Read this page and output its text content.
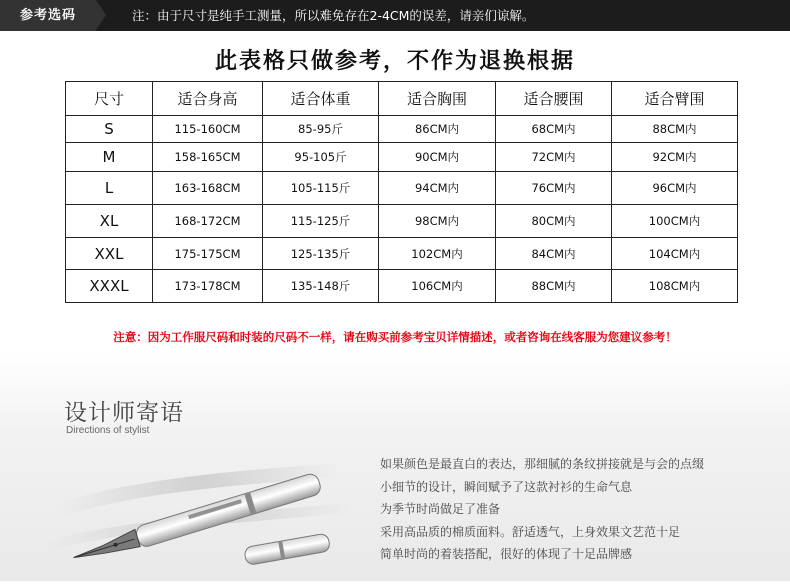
参考选码	注：由于尺寸是纯手工测量，所以难免存在2-4CM的误差，请亲们谅解。
此表格只做参考，不作为退换根据
尺寸	适合身高	适合体重	适合胸围	适合腰围	适合臂围
S	115-160CM	85-95斤	86CM内	68CM内	88CM内
M	158-165CM	95-105斤	90CM内	72CM内	92CM内
L	163-168CM	105-115斤	94CM内	76CM内	96CM内
XL	168-172CM	115-125斤	98CM内	80CM内	100CM内
XXL	175-175CM	125-135斤	102CM内	84CM内	104CM内
XXXL	173-178CM	135-148斤	106CM内	88CM内	108CM内
注意：因为工作服尺码和时装的尺码不一样，请在购买前参考宝贝详情描述，或者咨询在线客服为您建议参考！
设计师寄语
Directions of stylist
如果颜色是最直白的表达，那细腻的条纹拼接就是与会的点缀
小细节的设计，瞬间赋予了这款衬衫的生命气息
为季节时尚做足了准备
采用高品质的棉质面料。舒适透气，上身效果文艺范十足
简单时尚的着装搭配，很好的体现了十足品牌感
